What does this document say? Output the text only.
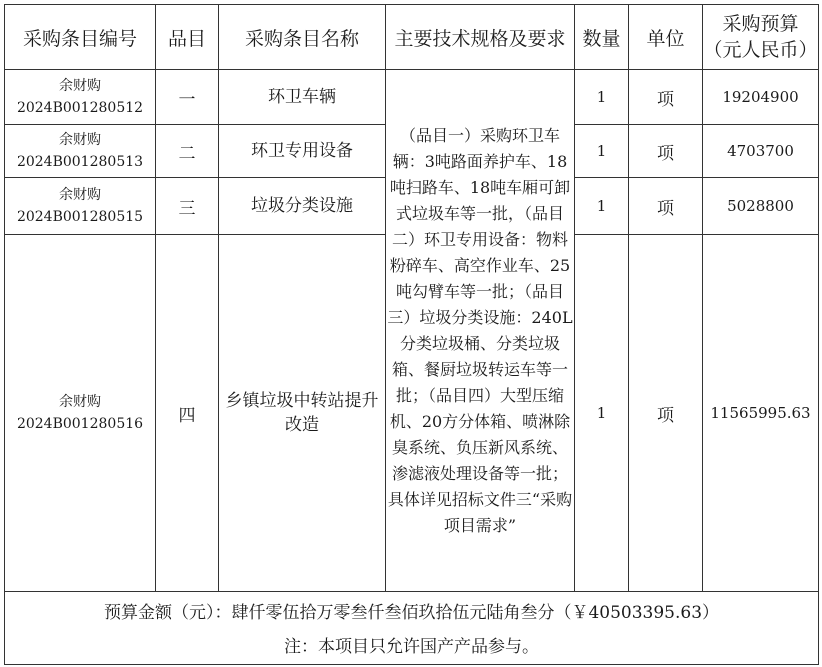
采购条目编号	品目	采购条目名称	主要技术规格及要求	数量	单位	采购预算
（元人民币）

余财购
2024B001280512	一	环卫车辆	（品目一）采购环卫车辆：3吨路面养护车、18吨扫路车、18吨车厢可卸式垃圾车等一批，（品目二）环卫专用设备：物料粉碎车、高空作业车、25吨勾臂车等一批；（品目三）垃圾分类设施：240L分类垃圾桶、分类垃圾箱、餐厨垃圾转运车等一批；（品目四）大型压缩机、20方分体箱、喷淋除臭系统、负压新风系统、渗滤液处理设备等一批；具体详见招标文件三“采购项目需求”	1	项	19204900

余财购
2024B001280513	二	环卫专用设备		1	项	4703700

余财购
2024B001280515	三	垃圾分类设施		1	项	5028800

余财购
2024B001280516	四	乡镇垃圾中转站提升改造		1	项	11565995.63

预算金额（元）：肆仟零伍拾万零叁仟叁佰玖拾伍元陆角叁分（￥40503395.63）
注：本项目只允许国产产品参与。						
